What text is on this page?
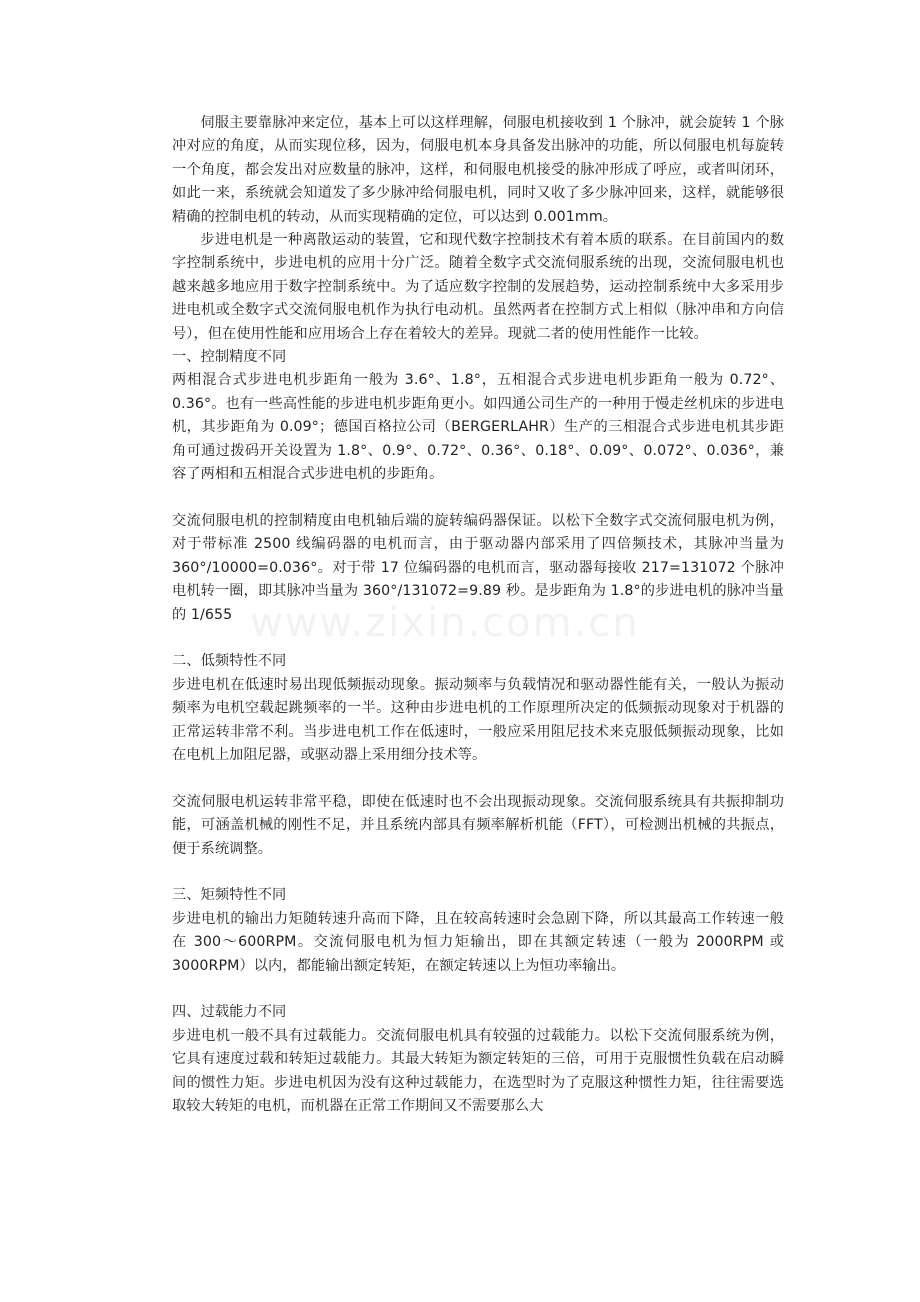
www.zixin.com.cn

伺服主要靠脉冲来定位，基本上可以这样理解，伺服电机接收到 1 个脉冲，就会旋转 1 个脉冲对应的角度，从而实现位移，因为，伺服电机本身具备发出脉冲的功能，所以伺服电机每旋转一个角度，都会发出对应数量的脉冲，这样，和伺服电机接受的脉冲形成了呼应，或者叫闭环，如此一来，系统就会知道发了多少脉冲给伺服电机，同时又收了多少脉冲回来，这样，就能够很精确的控制电机的转动，从而实现精确的定位，可以达到 0.001mm。

步进电机是一种离散运动的装置，它和现代数字控制技术有着本质的联系。在目前国内的数字控制系统中，步进电机的应用十分广泛。随着全数字式交流伺服系统的出现，交流伺服电机也越来越多地应用于数字控制系统中。为了适应数字控制的发展趋势，运动控制系统中大多采用步进电机或全数字式交流伺服电机作为执行电动机。虽然两者在控制方式上相似（脉冲串和方向信号），但在使用性能和应用场合上存在着较大的差异。现就二者的使用性能作一比较。

一、控制精度不同

两相混合式步进电机步距角一般为 3.6°、1.8°，五相混合式步进电机步距角一般为 0.72°、0.36°。也有一些高性能的步进电机步距角更小。如四通公司生产的一种用于慢走丝机床的步进电机，其步距角为 0.09°；德国百格拉公司（BERGERLAHR）生产的三相混合式步进电机其步距角可通过拨码开关设置为 1.8°、0.9°、0.72°、0.36°、0.18°、0.09°、0.072°、0.036°，兼容了两相和五相混合式步进电机的步距角。

交流伺服电机的控制精度由电机轴后端的旋转编码器保证。以松下全数字式交流伺服电机为例，对于带标准 2500 线编码器的电机而言，由于驱动器内部采用了四倍频技术，其脉冲当量为 360°/10000=0.036°。对于带 17 位编码器的电机而言，驱动器每接收 217=131072 个脉冲电机转一圈，即其脉冲当量为 360°/131072=9.89 秒。是步距角为 1.8°的步进电机的脉冲当量的 1/655

二、低频特性不同

步进电机在低速时易出现低频振动现象。振动频率与负载情况和驱动器性能有关，一般认为振动频率为电机空载起跳频率的一半。这种由步进电机的工作原理所决定的低频振动现象对于机器的正常运转非常不利。当步进电机工作在低速时，一般应采用阻尼技术来克服低频振动现象，比如在电机上加阻尼器，或驱动器上采用细分技术等。

交流伺服电机运转非常平稳，即使在低速时也不会出现振动现象。交流伺服系统具有共振抑制功能，可涵盖机械的刚性不足，并且系统内部具有频率解析机能（FFT），可检测出机械的共振点，便于系统调整。

三、矩频特性不同

步进电机的输出力矩随转速升高而下降，且在较高转速时会急剧下降，所以其最高工作转速一般在 300～600RPM。交流伺服电机为恒力矩输出，即在其额定转速（一般为 2000RPM 或 3000RPM）以内，都能输出额定转矩，在额定转速以上为恒功率输出。

四、过载能力不同

步进电机一般不具有过载能力。交流伺服电机具有较强的过载能力。以松下交流伺服系统为例，它具有速度过载和转矩过载能力。其最大转矩为额定转矩的三倍，可用于克服惯性负载在启动瞬间的惯性力矩。步进电机因为没有这种过载能力，在选型时为了克服这种惯性力矩，往往需要选取较大转矩的电机，而机器在正常工作期间又不需要那么大
